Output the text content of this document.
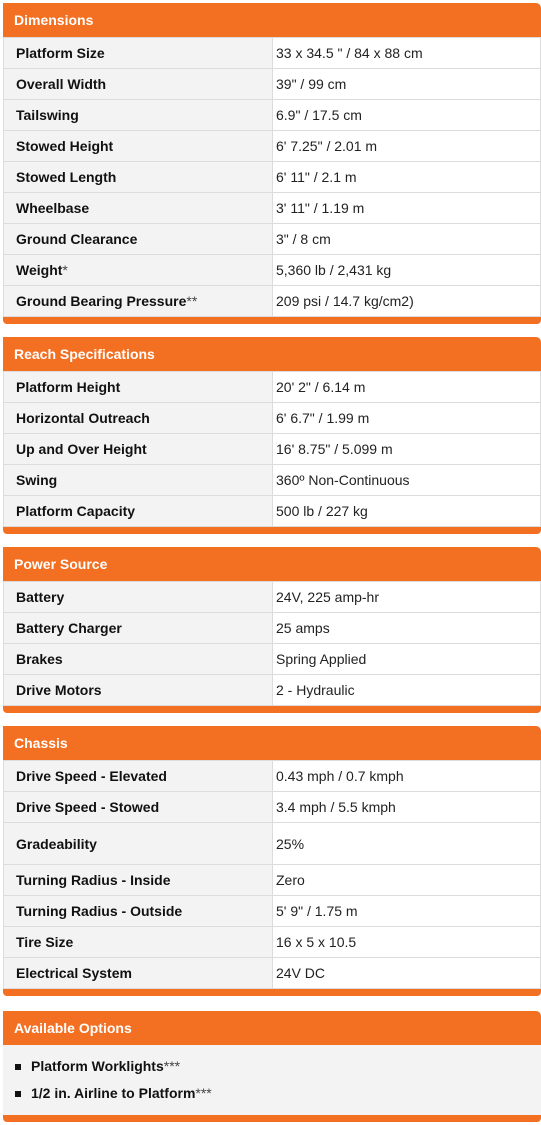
Dimensions
Platform Size	33 x 34.5 " / 84 x 88 cm
Overall Width	39" / 99 cm
Tailswing	6.9" / 17.5 cm
Stowed Height	6' 7.25" / 2.01 m
Stowed Length	6' 11" / 2.1 m
Wheelbase	3' 11" / 1.19 m
Ground Clearance	3" / 8 cm
Weight*	5,360 lb / 2,431 kg
Ground Bearing Pressure**	209 psi / 14.7 kg/cm2)
Reach Specifications
Platform Height	20' 2" / 6.14 m
Horizontal Outreach	6' 6.7" / 1.99 m
Up and Over Height	16' 8.75" / 5.099 m
Swing	360º Non-Continuous
Platform Capacity	500 lb / 227 kg
Power Source
Battery	24V, 225 amp-hr
Battery Charger	25 amps
Brakes	Spring Applied
Drive Motors	2 - Hydraulic
Chassis
Drive Speed - Elevated	0.43 mph / 0.7 kmph
Drive Speed - Stowed	3.4 mph / 5.5 kmph
Gradeability	25%
Turning Radius - Inside	Zero
Turning Radius - Outside	5' 9" / 1.75 m
Tire Size	16 x 5 x 10.5
Electrical System	24V DC
Available Options
Platform Worklights***
1/2 in. Airline to Platform***
